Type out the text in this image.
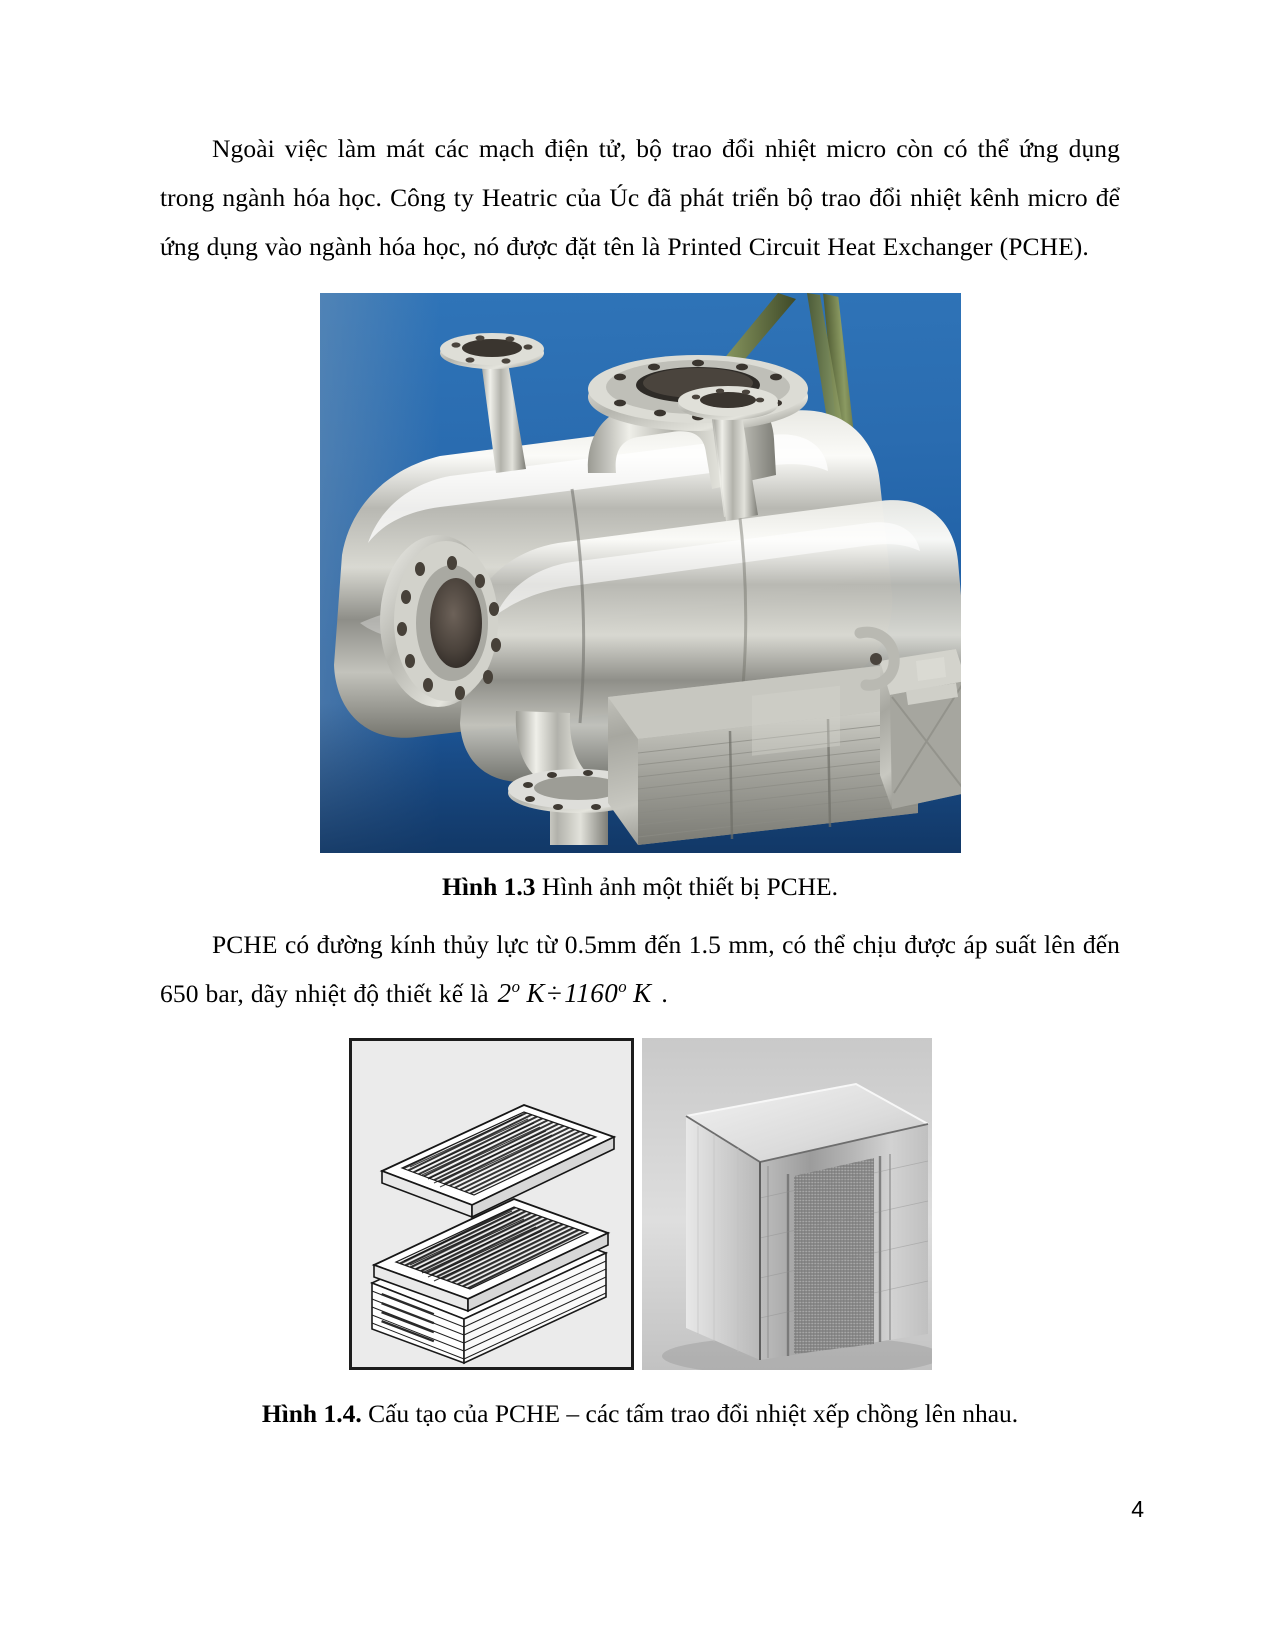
Ngoài việc làm mát các mạch điện tử, bộ trao đổi nhiệt micro còn có thể ứng dụng trong ngành hóa học. Công ty Heatric của Úc đã phát triển bộ trao đổi nhiệt kênh micro để ứng dụng vào ngành hóa học, nó được đặt tên là Printed Circuit Heat Exchanger (PCHE).

Hình 1.3 Hình ảnh một thiết bị PCHE.

PCHE có đường kính thủy lực từ 0.5mm đến 1.5 mm, có thể chịu được áp suất lên đến 650 bar, dãy nhiệt độ thiết kế là 2$^o$  $K\div 1160^o$  K .

Hình 1.4. Cấu tạo của PCHE – các tấm trao đổi nhiệt xếp chồng lên nhau.

4
